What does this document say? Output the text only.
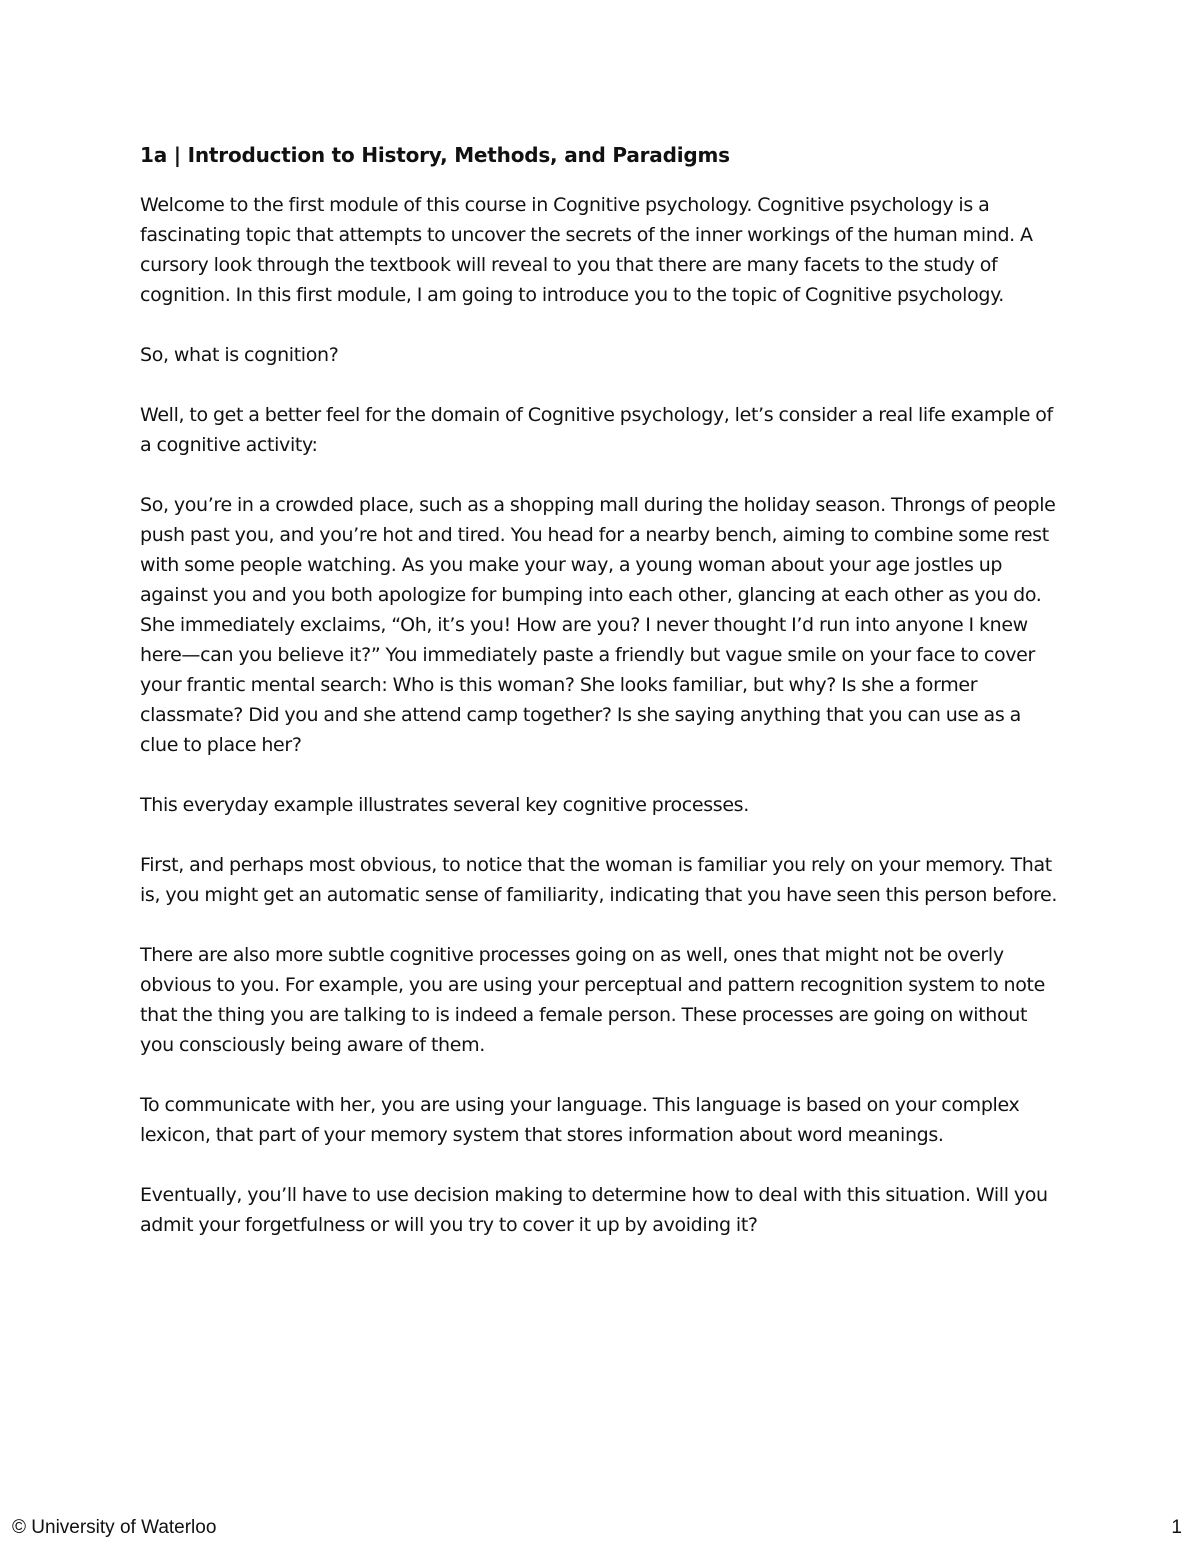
1a | Introduction to History, Methods, and Paradigms

Welcome to the first module of this course in Cognitive psychology. Cognitive psychology is a fascinating topic that attempts to uncover the secrets of the inner workings of the human mind. A cursory look through the textbook will reveal to you that there are many facets to the study of cognition. In this first module, I am going to introduce you to the topic of Cognitive psychology.

So, what is cognition?

Well, to get a better feel for the domain of Cognitive psychology, let’s consider a real life example of a cognitive activity:

So, you’re in a crowded place, such as a shopping mall during the holiday season. Throngs of people push past you, and you’re hot and tired. You head for a nearby bench, aiming to combine some rest with some people watching. As you make your way, a young woman about your age jostles up against you and you both apologize for bumping into each other, glancing at each other as you do. She immediately exclaims, “Oh, it’s you! How are you? I never thought I’d run into anyone I knew here—can you believe it?” You immediately paste a friendly but vague smile on your face to cover your frantic mental search: Who is this woman? She looks familiar, but why? Is she a former classmate? Did you and she attend camp together? Is she saying anything that you can use as a clue to place her?

This everyday example illustrates several key cognitive processes.

First, and perhaps most obvious, to notice that the woman is familiar you rely on your memory. That is, you might get an automatic sense of familiarity, indicating that you have seen this person before.

There are also more subtle cognitive processes going on as well, ones that might not be overly obvious to you. For example, you are using your perceptual and pattern recognition system to note that the thing you are talking to is indeed a female person. These processes are going on without you consciously being aware of them.

To communicate with her, you are using your language. This language is based on your complex lexicon, that part of your memory system that stores information about word meanings.

Eventually, you’ll have to use decision making to determine how to deal with this situation. Will you admit your forgetfulness or will you try to cover it up by avoiding it?

© University of Waterloo	1
